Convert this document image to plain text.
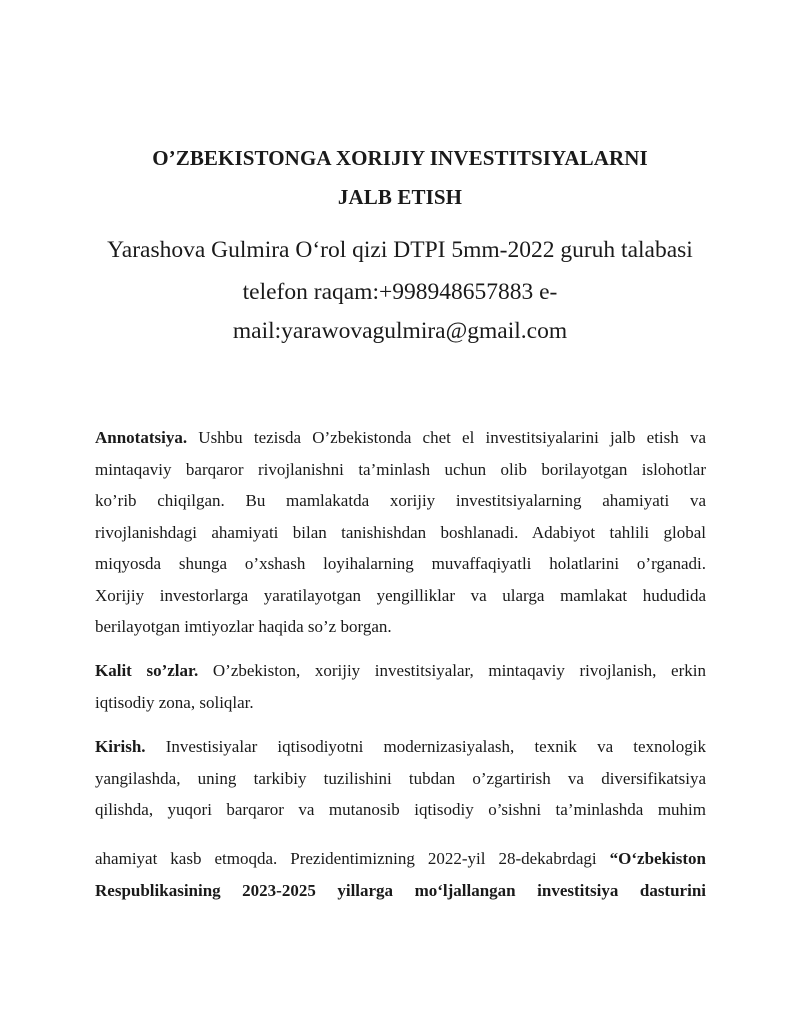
O’ZBEKISTONGA XORIJIY INVESTITSIYALARNI
JALB ETISH
Yarashova Gulmira O‘rol qizi DTPI 5mm-2022 guruh talabasi
telefon raqam:+998948657883 e-
mail:yarawovagulmira@gmail.com
Annotatsiya. Ushbu tezisda O’zbekistonda chet el investitsiyalarini jalb etish va
mintaqaviy barqaror rivojlanishni ta’minlash uchun olib borilayotgan islohotlar
ko’rib chiqilgan. Bu mamlakatda xorijiy investitsiyalarning ahamiyati va
rivojlanishdagi ahamiyati bilan tanishishdan boshlanadi. Adabiyot tahlili global
miqyosda shunga o’xshash loyihalarning muvaffaqiyatli holatlarini o’rganadi.
Xorijiy investorlarga yaratilayotgan yengilliklar va ularga mamlakat hududida
berilayotgan imtiyozlar haqida so’z borgan.
Kalit so’zlar. O’zbekiston, xorijiy investitsiyalar, mintaqaviy rivojlanish, erkin
iqtisodiy zona, soliqlar.
Kirish. Investisiyalar iqtisodiyotni modernizasiyalash, texnik va texnologik
yangilashda, uning tarkibiy tuzilishini tubdan o’zgartirish va diversifikatsiya
qilishda, yuqori barqaror va mutanosib iqtisodiy o’sishni ta’minlashda muhim
ahamiyat kasb etmoqda. Prezidentimizning 2022-yil 28-dekabrdagi “O‘zbekiston
Respublikasining 2023-2025 yillarga mo‘ljallangan investitsiya dasturini
